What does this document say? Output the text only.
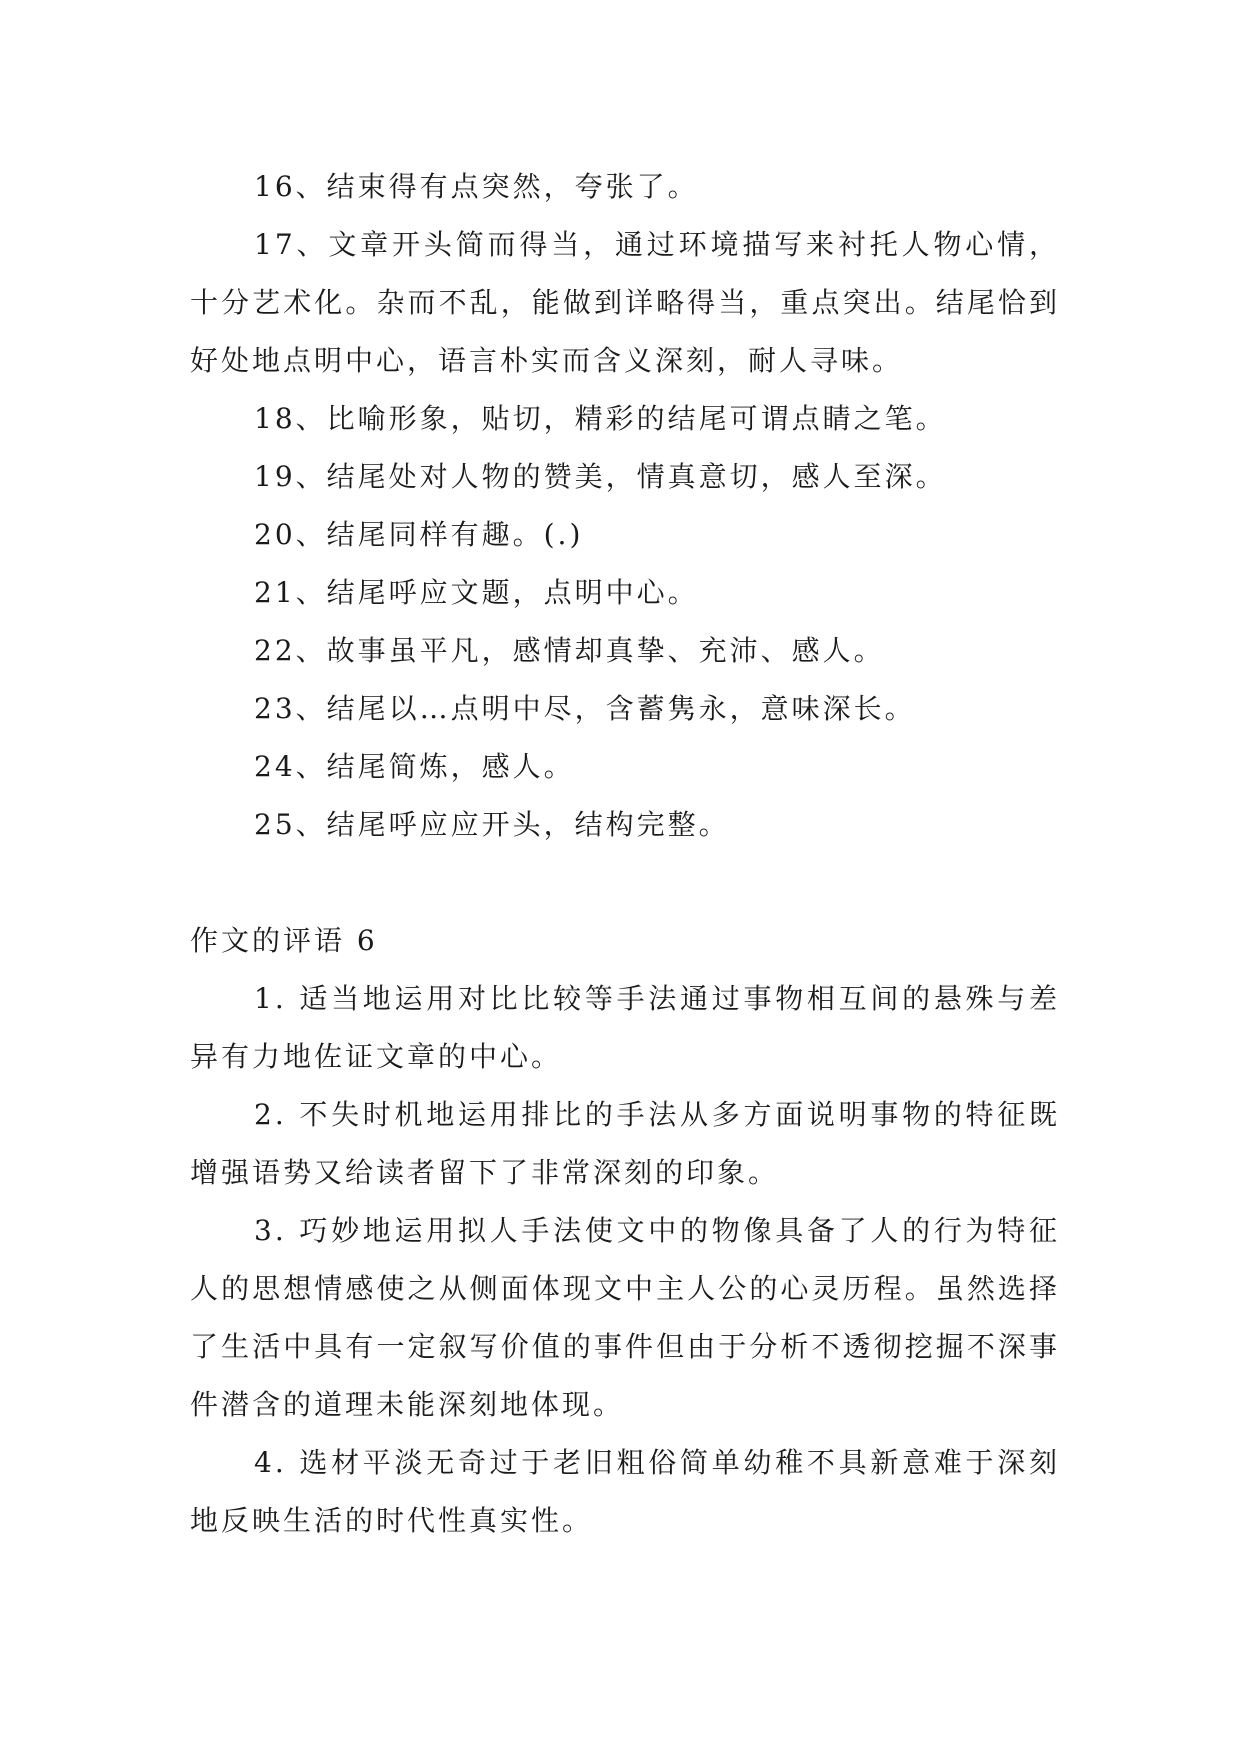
16、结束得有点突然，夸张了。

17、文章开头简而得当，通过环境描写来衬托人物心情，十分艺术化。杂而不乱，能做到详略得当，重点突出。结尾恰到好处地点明中心，语言朴实而含义深刻，耐人寻味。

18、比喻形象，贴切，精彩的结尾可谓点睛之笔。

19、结尾处对人物的赞美，情真意切，感人至深。

20、结尾同样有趣。(.)

21、结尾呼应文题，点明中心。

22、故事虽平凡，感情却真挚、充沛、感人。

23、结尾以…点明中尽，含蓄隽永，意味深长。

24、结尾简炼，感人。

25、结尾呼应应开头，结构完整。

作文的评语 6

1. 适当地运用对比比较等手法通过事物相互间的悬殊与差异有力地佐证文章的中心。

2. 不失时机地运用排比的手法从多方面说明事物的特征既增强语势又给读者留下了非常深刻的印象。

3. 巧妙地运用拟人手法使文中的物像具备了人的行为特征人的思想情感使之从侧面体现文中主人公的心灵历程。虽然选择了生活中具有一定叙写价值的事件但由于分析不透彻挖掘不深事件潜含的道理未能深刻地体现。

4. 选材平淡无奇过于老旧粗俗简单幼稚不具新意难于深刻地反映生活的时代性真实性。
